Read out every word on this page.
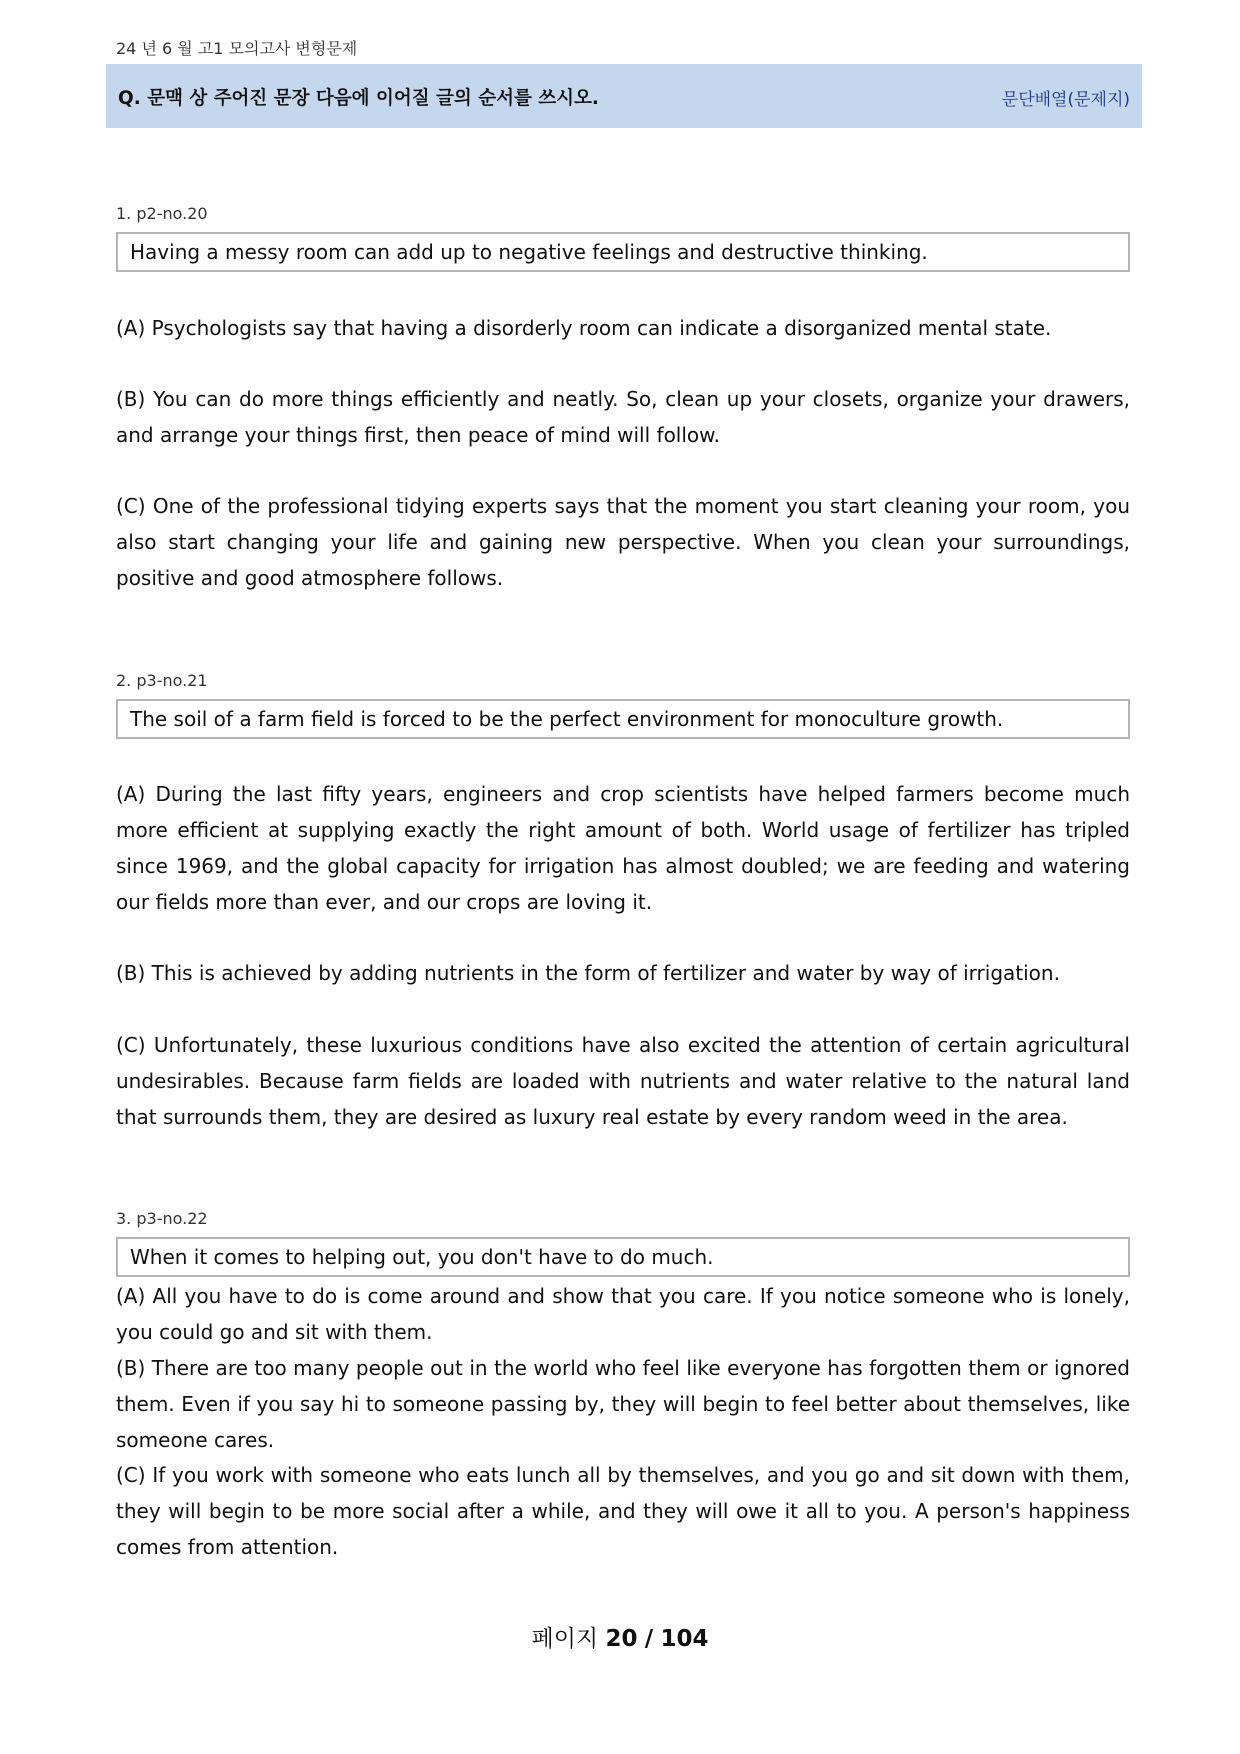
24 년 6 월 고1 모의고사 변형문제
Q. 문맥 상 주어진 문장 다음에 이어질 글의 순서를 쓰시오.	문단배열(문제지)
1. p2-no.20
Having a messy room can add up to negative feelings and destructive thinking.

(A) Psychologists say that having a disorderly room can indicate a disorganized mental state.

(B) You can do more things efficiently and neatly. So, clean up your closets, organize your drawers, and arrange your things first, then peace of mind will follow.

(C) One of the professional tidying experts says that the moment you start cleaning your room, you also start changing your life and gaining new perspective. When you clean your surroundings, positive and good atmosphere follows.

2. p3-no.21
The soil of a farm field is forced to be the perfect environment for monoculture growth.

(A) During the last fifty years, engineers and crop scientists have helped farmers become much more efficient at supplying exactly the right amount of both. World usage of fertilizer has tripled since 1969, and the global capacity for irrigation has almost doubled; we are feeding and watering our fields more than ever, and our crops are loving it.

(B) This is achieved by adding nutrients in the form of fertilizer and water by way of irrigation.

(C) Unfortunately, these luxurious conditions have also excited the attention of certain agricultural undesirables. Because farm fields are loaded with nutrients and water relative to the natural land that surrounds them, they are desired as luxury real estate by every random weed in the area.

3. p3-no.22
When it comes to helping out, you don't have to do much.

(A) All you have to do is come around and show that you care. If you notice someone who is lonely, you could go and sit with them.

(B) There are too many people out in the world who feel like everyone has forgotten them or ignored them. Even if you say hi to someone passing by, they will begin to feel better about themselves, like someone cares.

(C) If you work with someone who eats lunch all by themselves, and you go and sit down with them, they will begin to be more social after a while, and they will owe it all to you. A person's happiness comes from attention.

페이지 20 / 104
